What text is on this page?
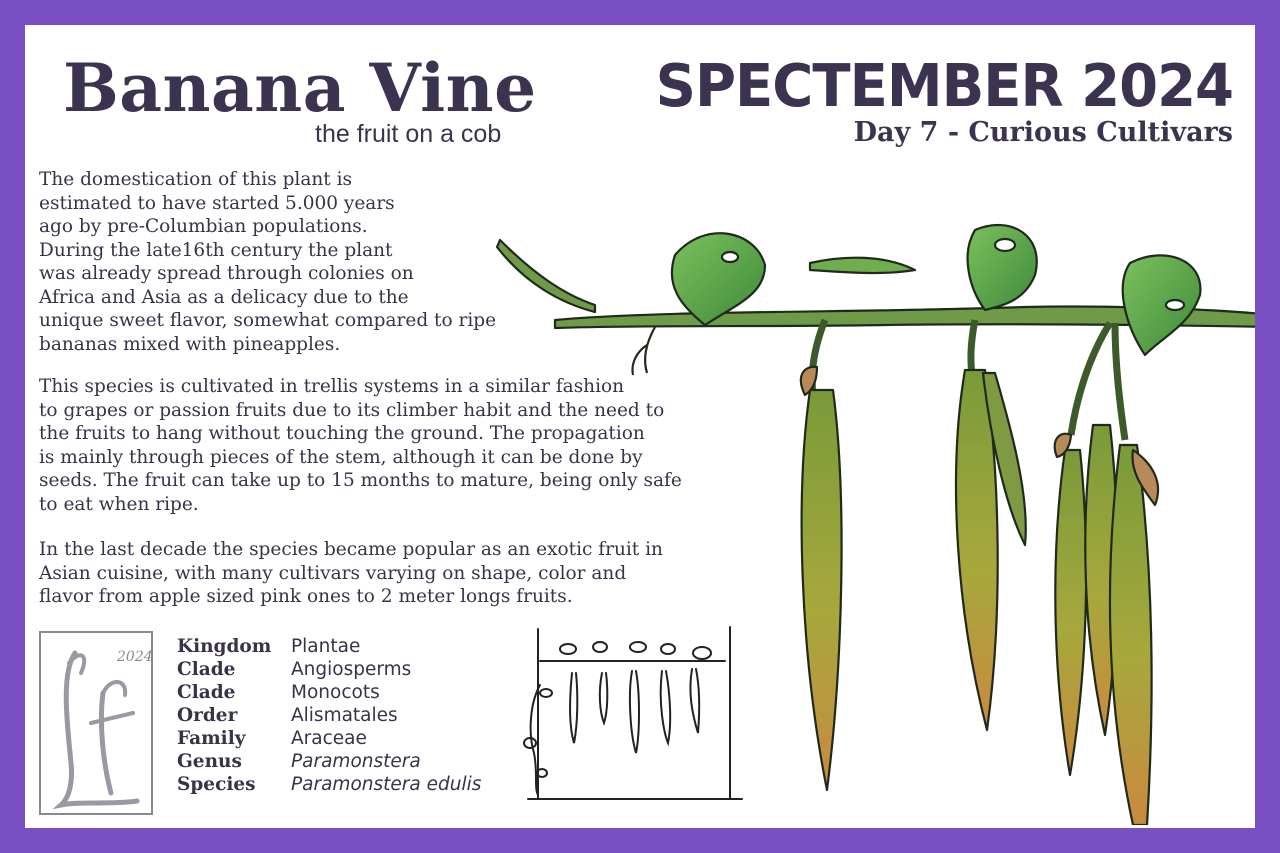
Banana Vine
the fruit on a cob
SPECTEMBER 2024
Day 7 - Curious Cultivars

The domestication of this plant is
estimated to have started 5.000 years
ago by pre-Columbian populations.
During the late16th century the plant
was already spread through colonies on
Africa and Asia as a delicacy due to the
unique sweet flavor, somewhat compared to ripe
bananas mixed with pineapples.

This species is cultivated in trellis systems in a similar fashion
to grapes or passion fruits due to its climber habit and the need to
the fruits to hang without touching the ground. The propagation
is mainly through pieces of the stem, although it can be done by
seeds. The fruit can take up to 15 months to mature, being only safe
to eat when ripe.

In the last decade the species became popular as an exotic fruit in
Asian cuisine, with many cultivars varying on shape, color and
flavor from apple sized pink ones to 2 meter longs fruits.

2024 Kingdom	Plantae
Clade	Angiosperms
Clade	Monocots
Order	Alismatales
Family	Araceae
Genus	Paramonstera
Species	Paramonstera edulis
